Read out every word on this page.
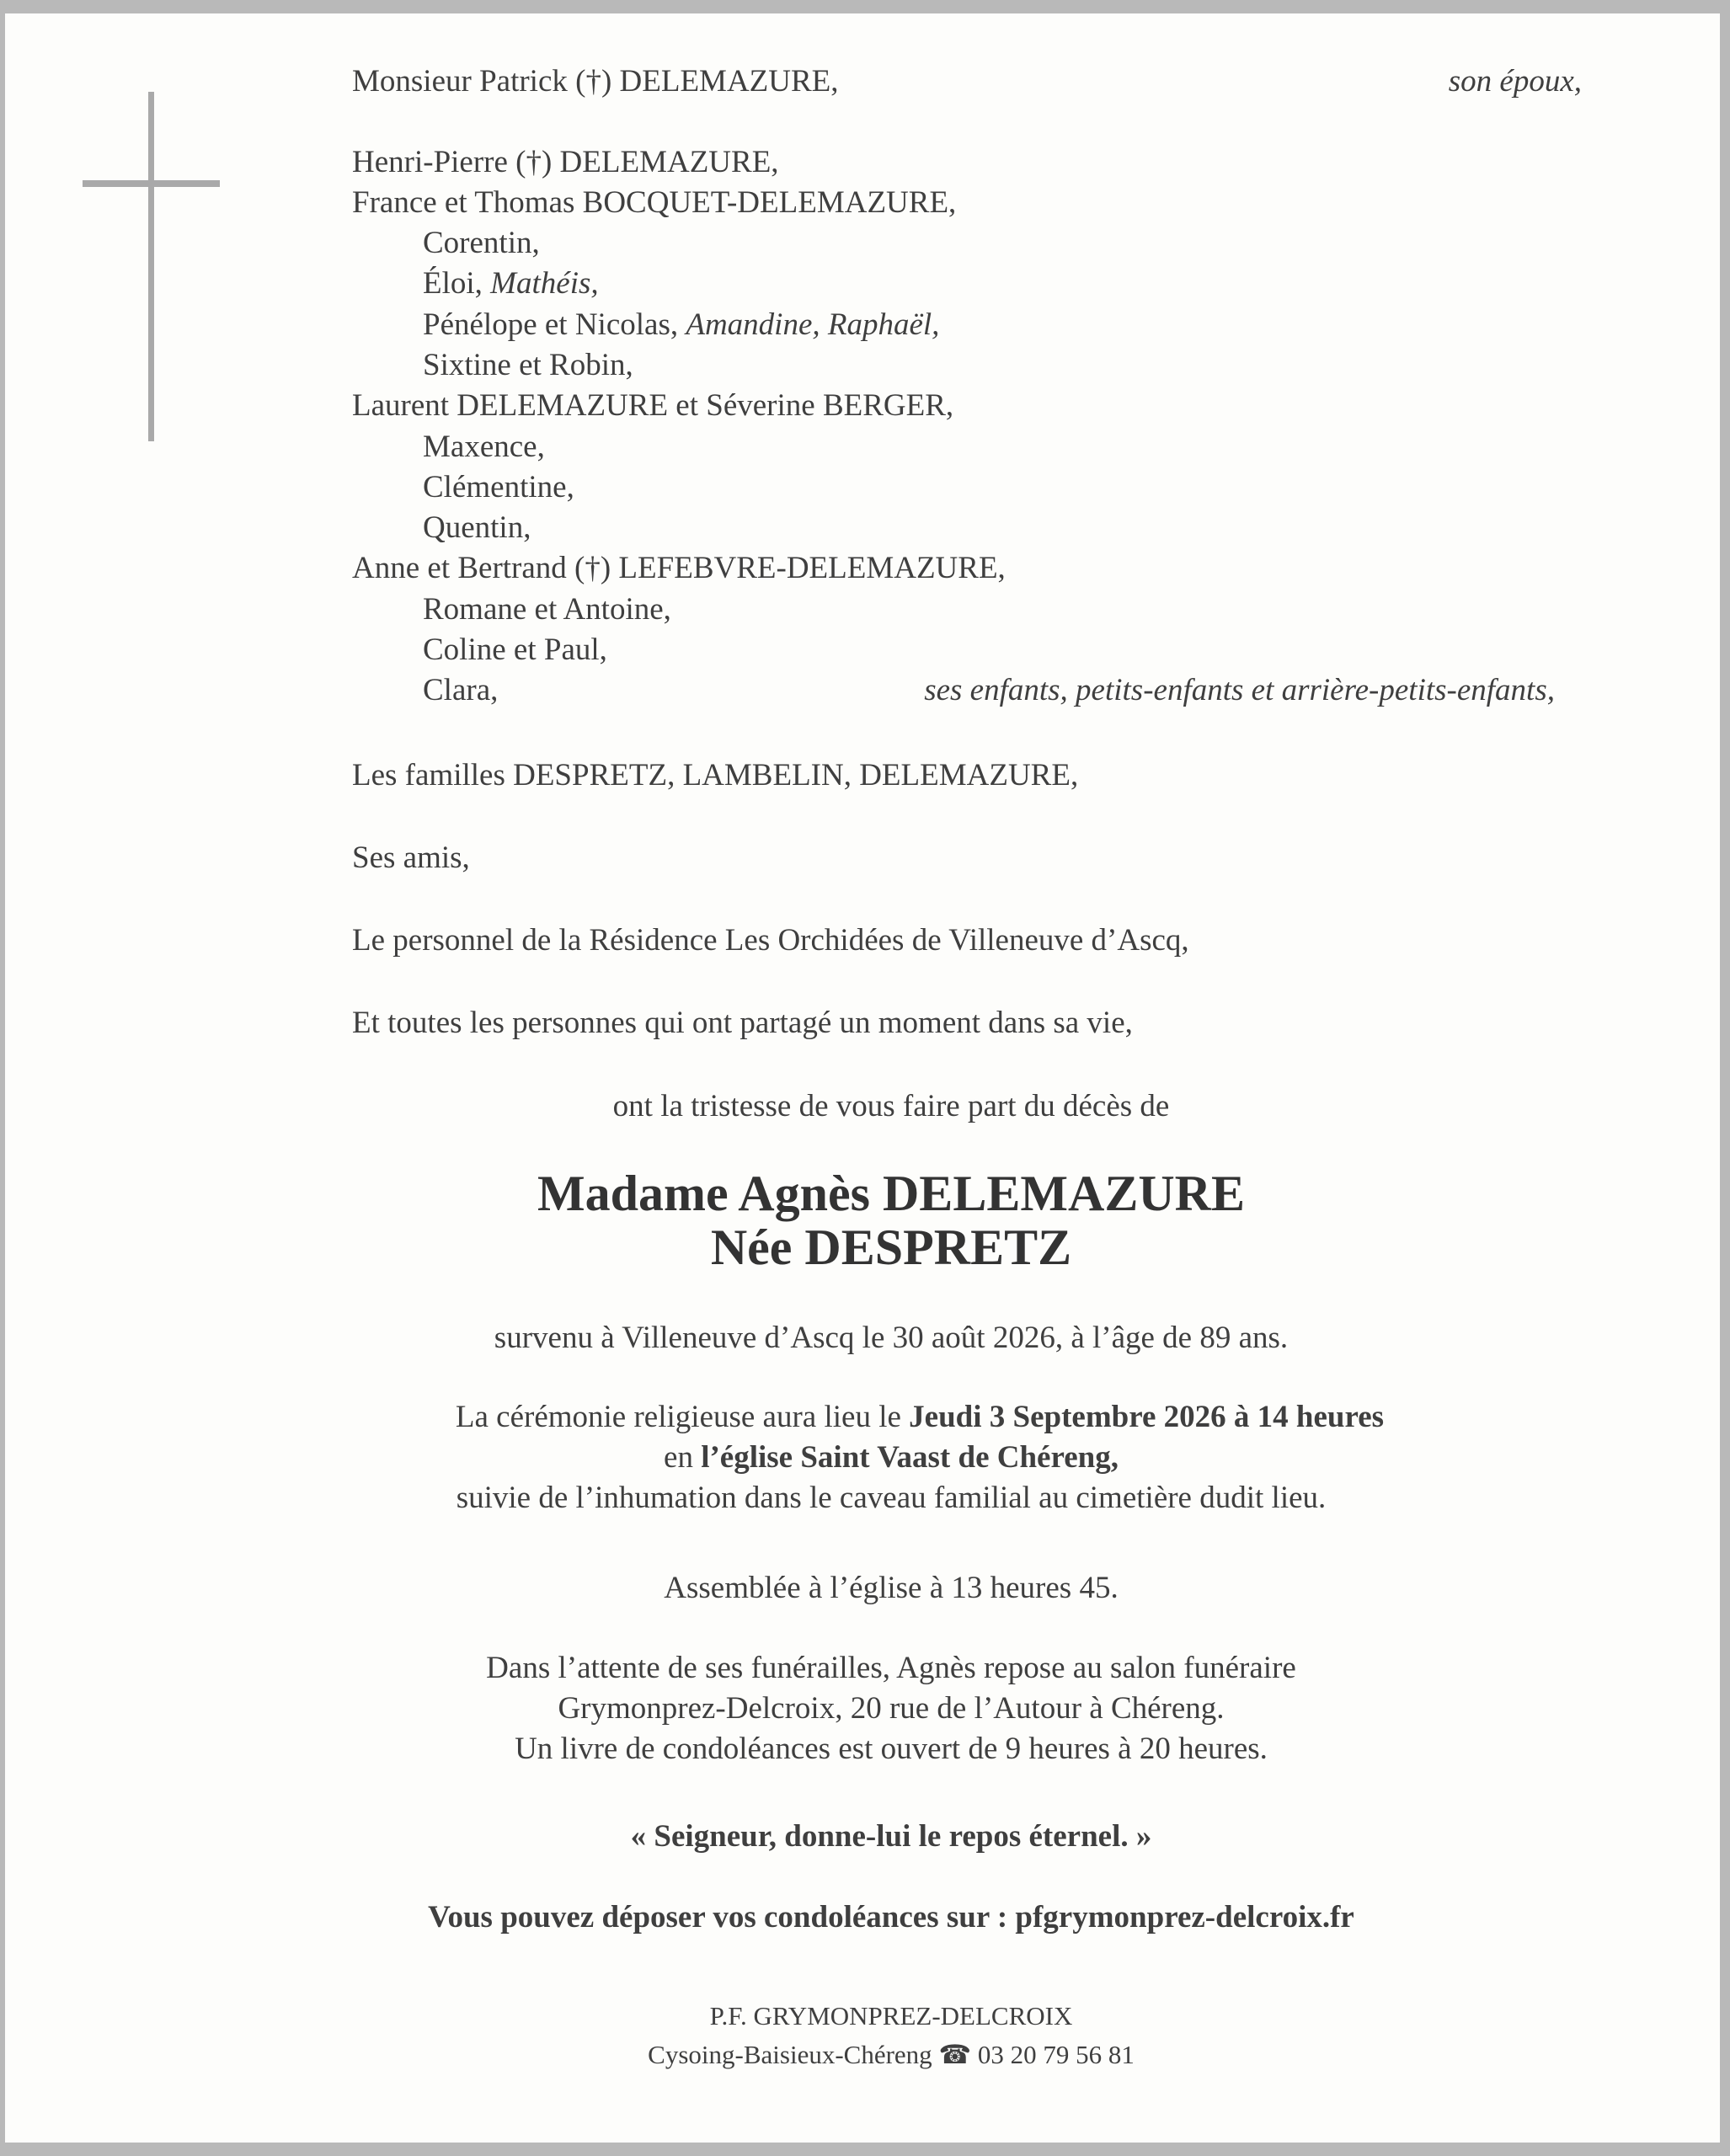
Monsieur Patrick (†) DELEMAZURE,	son époux,
Henri-Pierre (†) DELEMAZURE,
France et Thomas BOCQUET-DELEMAZURE,
Corentin,
Éloi, Mathéis,
Pénélope et Nicolas, Amandine, Raphaël,
Sixtine et Robin,
Laurent DELEMAZURE et Séverine BERGER,
Maxence,
Clémentine,
Quentin,
Anne et Bertrand (†) LEFEBVRE-DELEMAZURE,
Romane et Antoine,
Coline et Paul,
Clara,	ses enfants, petits-enfants et arrière-petits-enfants,
Les familles DESPRETZ, LAMBELIN, DELEMAZURE,
Ses amis,
Le personnel de la Résidence Les Orchidées de Villeneuve d’Ascq,
Et toutes les personnes qui ont partagé un moment dans sa vie,
ont la tristesse de vous faire part du décès de
Madame Agnès DELEMAZURE
Née DESPRETZ
survenu à Villeneuve d’Ascq le 30 août 2026, à l’âge de 89 ans.
La cérémonie religieuse aura lieu le Jeudi 3 Septembre 2026 à 14 heures
en l’église Saint Vaast de Chéreng,
suivie de l’inhumation dans le caveau familial au cimetière dudit lieu.
Assemblée à l’église à 13 heures 45.
Dans l’attente de ses funérailles, Agnès repose au salon funéraire
Grymonprez-Delcroix, 20 rue de l’Autour à Chéreng.
Un livre de condoléances est ouvert de 9 heures à 20 heures.
« Seigneur, donne-lui le repos éternel. »
Vous pouvez déposer vos condoléances sur : pfgrymonprez-delcroix.fr
P.F. GRYMONPREZ-DELCROIX
Cysoing-Baisieux-Chéreng ☎ 03 20 79 56 81
